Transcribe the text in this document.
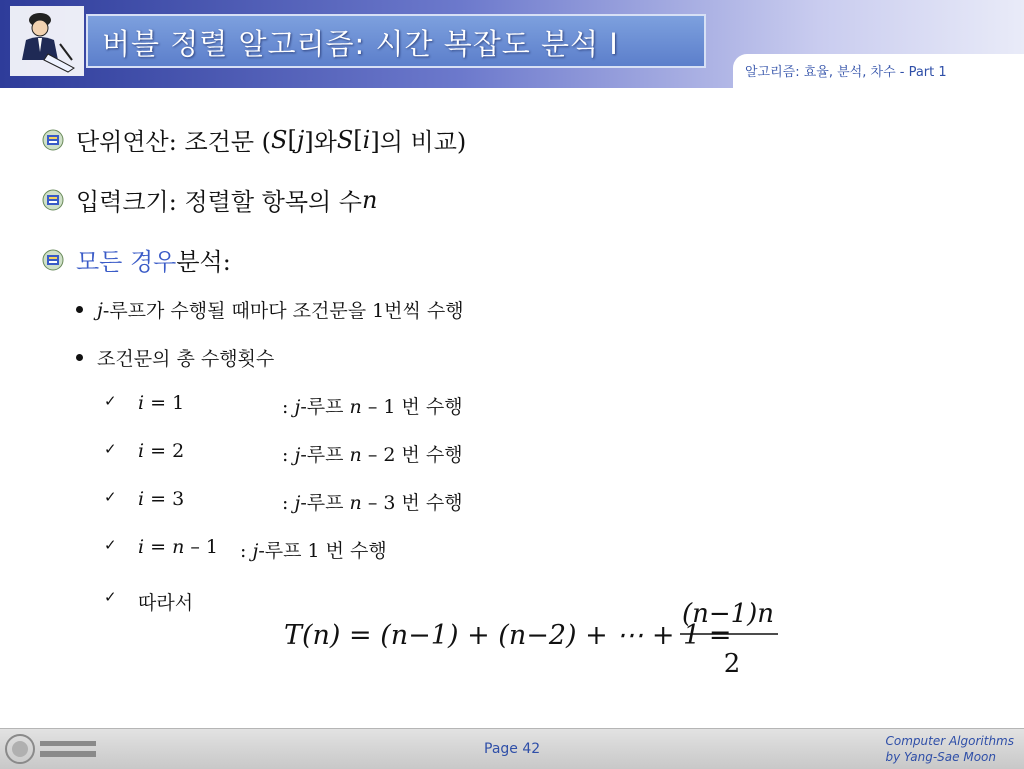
버블 정렬 알고리즘: 시간 복잡도 분석 I
알고리즘: 효율, 분석, 차수 - Part 1
단위연산: 조건문 ( S [ j ]와 S [ i ]의 비교)
입력크기: 정렬할 항목의 수 n
모든 경우 분석:
j -루프가 수행될 때마다 조건문을 1번씩 수행
조건문의 총 수행횟수
✓ i = 1	: j-루프 n – 1 번 수행
✓ i = 2	: j-루프 n – 2 번 수행
✓ i = 3	: j-루프 n – 3 번 수행
✓ i = n – 1 : j-루프 1 번 수행
✓ 따라서
T(n) = (n−1) + (n−2) + ⋯ + 1 =
(n−1)n
2
Page 42	Computer Algorithms
by Yang-Sae Moon
